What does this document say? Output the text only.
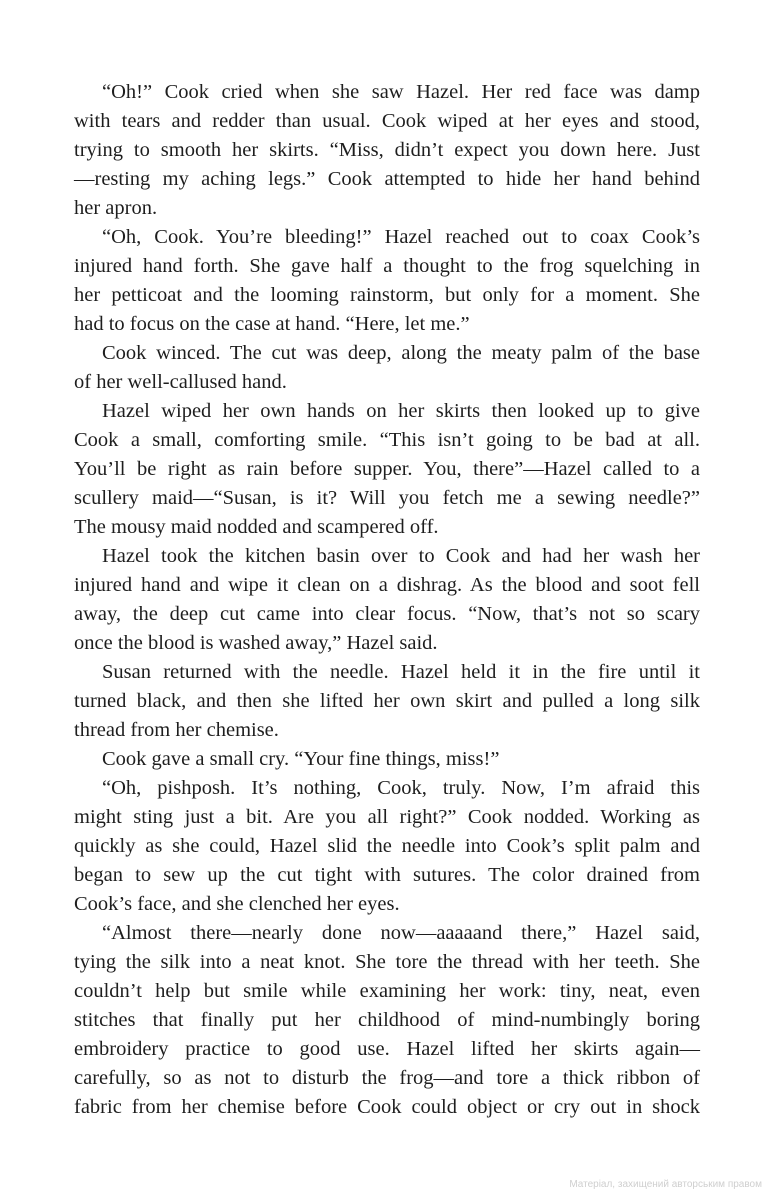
“Oh!” Cook cried when she saw Hazel. Her red face was damp
with tears and redder than usual. Cook wiped at her eyes and stood,
trying to smooth her skirts. “Miss, didn’t expect you down here. Just
—resting my aching legs.” Cook attempted to hide her hand behind
her apron.
“Oh, Cook. You’re bleeding!” Hazel reached out to coax Cook’s
injured hand forth. She gave half a thought to the frog squelching in
her petticoat and the looming rainstorm, but only for a moment. She
had to focus on the case at hand. “Here, let me.”
Cook winced. The cut was deep, along the meaty palm of the base
of her well-callused hand.
Hazel wiped her own hands on her skirts then looked up to give
Cook a small, comforting smile. “This isn’t going to be bad at all.
You’ll be right as rain before supper. You, there”—Hazel called to a
scullery maid—“Susan, is it? Will you fetch me a sewing needle?”
The mousy maid nodded and scampered off.
Hazel took the kitchen basin over to Cook and had her wash her
injured hand and wipe it clean on a dishrag. As the blood and soot fell
away, the deep cut came into clear focus. “Now, that’s not so scary
once the blood is washed away,” Hazel said.
Susan returned with the needle. Hazel held it in the fire until it
turned black, and then she lifted her own skirt and pulled a long silk
thread from her chemise.
Cook gave a small cry. “Your fine things, miss!”
“Oh, pishposh. It’s nothing, Cook, truly. Now, I’m afraid this
might sting just a bit. Are you all right?” Cook nodded. Working as
quickly as she could, Hazel slid the needle into Cook’s split palm and
began to sew up the cut tight with sutures. The color drained from
Cook’s face, and she clenched her eyes.
“Almost there—nearly done now—aaaaand there,” Hazel said,
tying the silk into a neat knot. She tore the thread with her teeth. She
couldn’t help but smile while examining her work: tiny, neat, even
stitches that finally put her childhood of mind-numbingly boring
embroidery practice to good use. Hazel lifted her skirts again—
carefully, so as not to disturb the frog—and tore a thick ribbon of
fabric from her chemise before Cook could object or cry out in shock
Матеріал, захищений авторським правом
